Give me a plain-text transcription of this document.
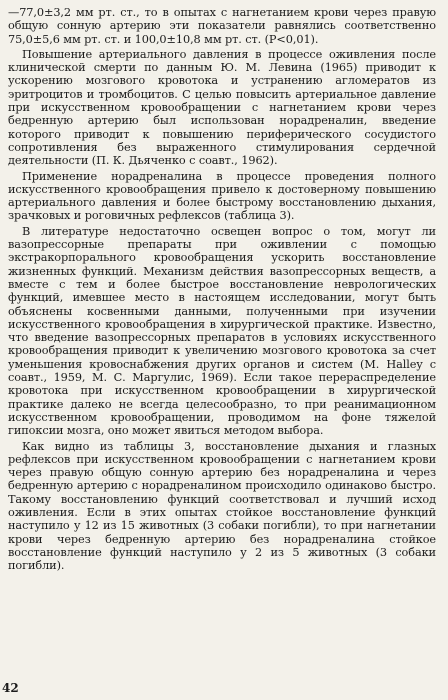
—77,0±3,2 мм рт. ст., то в опытах с нагнетанием крови через правую общую сонную артерию эти показатели равнялись соответственно 75,0±5,6 мм рт. ст. и 100,0±10,8 мм рт. ст. (Р<0,01).

Повышение артериального давления в процессе оживления после клинической смерти по данным Ю. М. Левина (1965) приводит к ускорению мозгового кровотока и устранению агломератов из эритроцитов и тромбоцитов. С целью повысить артериальное давление при искусственном кровообращении с нагнетанием крови через бедренную артерию был использован норадреналин, введение которого приводит к повышению периферического сосудистого сопротивления без выраженного стимулирования сердечной деятельности (П. К. Дьяченко с соавт., 1962).

Применение норадреналина в процессе проведения полного искусственного кровообращения привело к достоверному повышению артериального давления и более быстрому восстановлению дыхания, зрачковых и роговичных рефлексов (таблица 3).

В литературе недостаточно освещен вопрос о том, могут ли вазопрессорные препараты при оживлении с помощью экстракорпорального кровообращения ускорить восстановление жизненных функций. Механизм действия вазопрессорных веществ, а вместе с тем и более быстрое восстановление неврологических функций, имевшее место в настоящем исследовании, могут быть объяснены косвенными данными, полученными при изучении искусственного кровообращения в хирургической практике. Известно, что введение вазопрессорных препаратов в условиях искусственного кровообращения приводит к увеличению мозгового кровотока за счет уменьшения кровоснабжения других органов и систем (M. Halley с соавт., 1959, М. С. Маргулис, 1969). Если такое перераспределение кровотока при искусственном кровообращении в хирургической практике далеко не всегда целесообразно, то при реанимационном искусственном кровообращении, проводимом на фоне тяжелой гипоксии мозга, оно может явиться методом выбора.

Как видно из таблицы 3, восстановление дыхания и глазных рефлексов при искусственном кровообращении с нагнетанием крови через правую общую сонную артерию без норадреналина и через бедренную артерию с норадреналином происходило одинаково быстро. Такому восстановлению функций соответствовал и лучший исход оживления. Если в этих опытах стойкое восстановление функций наступило у 12 из 15 животных (3 собаки погибли), то при нагнетании крови через бедренную артерию без норадреналина стойкое восстановление функций наступило у 2 из 5 животных (3 собаки погибли).

42
